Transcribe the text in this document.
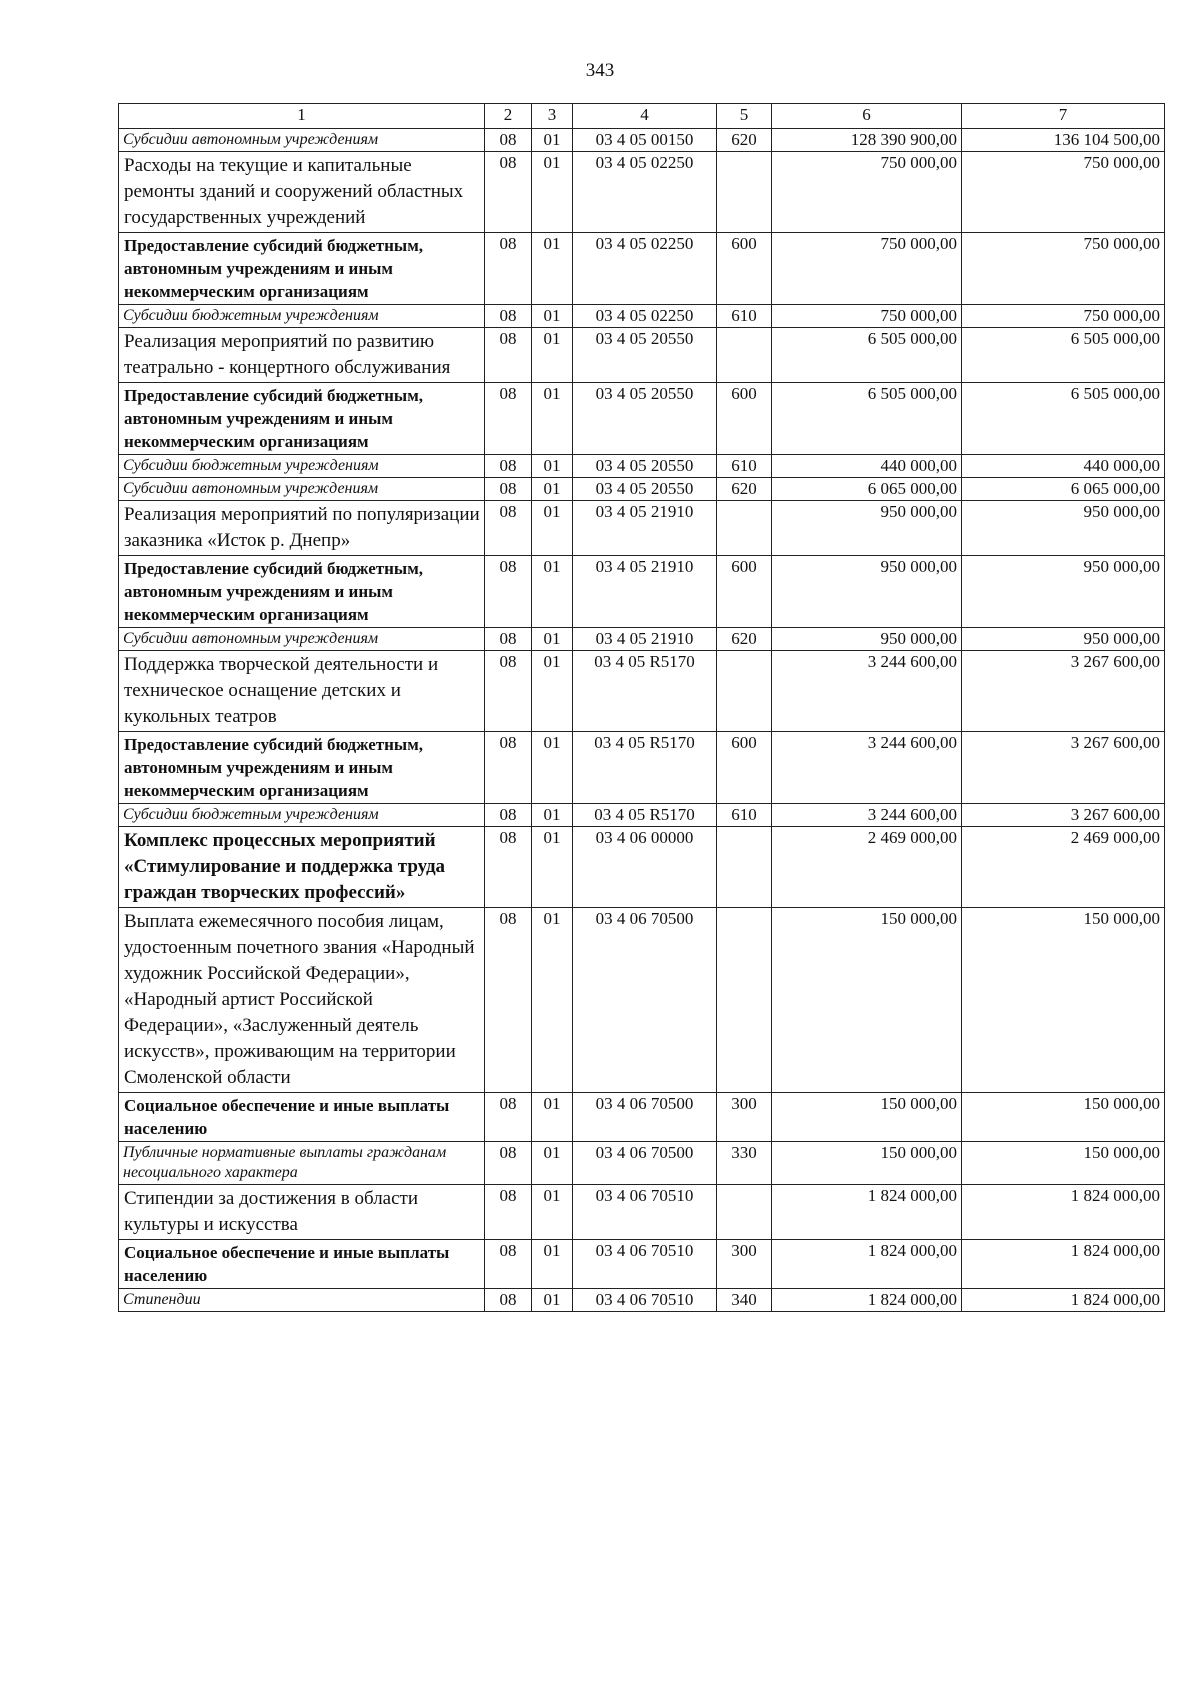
343
1	2	3	4	5	6	7
Субсидии автономным учреждениям	08	01	03 4 05 00150	620	128 390 900,00	136 104 500,00
Расходы на текущие и капитальные ремонты зданий и сооружений областных государственных учреждений	08	01	03 4 05 02250		750 000,00	750 000,00
Предоставление субсидий бюджетным, автономным учреждениям и иным некоммерческим организациям	08	01	03 4 05 02250	600	750 000,00	750 000,00
Субсидии бюджетным учреждениям	08	01	03 4 05 02250	610	750 000,00	750 000,00
Реализация мероприятий по развитию театрально - концертного обслуживания	08	01	03 4 05 20550		6 505 000,00	6 505 000,00
Предоставление субсидий бюджетным, автономным учреждениям и иным некоммерческим организациям	08	01	03 4 05 20550	600	6 505 000,00	6 505 000,00
Субсидии бюджетным учреждениям	08	01	03 4 05 20550	610	440 000,00	440 000,00
Субсидии автономным учреждениям	08	01	03 4 05 20550	620	6 065 000,00	6 065 000,00
Реализация мероприятий по популяризации заказника «Исток р. Днепр»	08	01	03 4 05 21910		950 000,00	950 000,00
Предоставление субсидий бюджетным, автономным учреждениям и иным некоммерческим организациям	08	01	03 4 05 21910	600	950 000,00	950 000,00
Субсидии автономным учреждениям	08	01	03 4 05 21910	620	950 000,00	950 000,00
Поддержка творческой деятельности и техническое оснащение детских и кукольных театров	08	01	03 4 05 R5170		3 244 600,00	3 267 600,00
Предоставление субсидий бюджетным, автономным учреждениям и иным некоммерческим организациям	08	01	03 4 05 R5170	600	3 244 600,00	3 267 600,00
Субсидии бюджетным учреждениям	08	01	03 4 05 R5170	610	3 244 600,00	3 267 600,00
Комплекс процессных мероприятий «Стимулирование и поддержка труда граждан творческих профессий»	08	01	03 4 06 00000		2 469 000,00	2 469 000,00
Выплата ежемесячного пособия лицам, удостоенным почетного звания «Народный художник Российской Федерации», «Народный артист Российской Федерации», «Заслуженный деятель искусств», проживающим на территории Смоленской области	08	01	03 4 06 70500		150 000,00	150 000,00
Социальное обеспечение и иные выплаты населению	08	01	03 4 06 70500	300	150 000,00	150 000,00
Публичные нормативные выплаты гражданам несоциального характера	08	01	03 4 06 70500	330	150 000,00	150 000,00
Стипендии за достижения в области культуры и искусства	08	01	03 4 06 70510		1 824 000,00	1 824 000,00
Социальное обеспечение и иные выплаты населению	08	01	03 4 06 70510	300	1 824 000,00	1 824 000,00
Стипендии	08	01	03 4 06 70510	340	1 824 000,00	1 824 000,00
